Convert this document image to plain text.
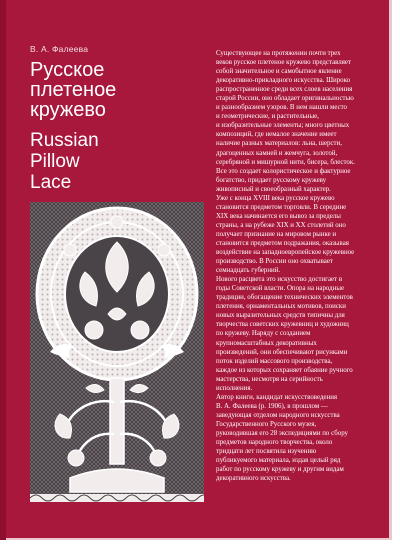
В. А. Фалеева
Русское
плетеное
кружево
Russian
Pillow
Lace

Существующее на протяжении почти трех

веков русское плетеное кружево представляет

собой значительное и самобытное явление

декоративно-прикладного искусства. Широко

распространенное среди всех слоев населения

старой России, оно обладает оригинальностью

и разнообразием узоров. В нем нашли место

и геометрические, и растительные,

и изобразительные элементы; много цветных

композиций, где немалое значение имеет

наличие разных материалов: льна, шерсти,

драгоценных камней и жемчуга, золотой,

серебряной и мишурной нити, бисера, блесток.

Все это создает колористическое и фактурное

богатство, придает русскому кружеву

живописный и своеобразный характер.

Уже с конца XVIII века русское кружево

становится предметом торговли. В середине

XIX века начинается его вывоз за пределы

страны, а на рубеже XIX и XX столетий оно

получает признание на мировом рынке и

становится предметом подражания, оказывая

воздействие на западноевропейское кружевное

производство. В России оно охватывает

семнадцать губерний.

Нового расцвета это искусство достигает в

годы Советской власти. Опора на народные

традиции, обогащение технических элементов

плетения, орнаментальных мотивов, поиски

новых выразительных средств типичны для

творчества советских кружевниц и художниц

по кружеву. Наряду с созданием

крупномасштабных декоративных

произведений, они обеспечивают рисунками

поток изделий массового производства,

каждое из которых сохраняет обаяние ручного

мастерства, несмотря на серийность

исполнения.

Автор книги, кандидат искусствоведения

В. А. Фалеева (р. 1906), в прошлом —

заведующая отделом народного искусства

Государственного Русского музея,

руководившая его 28 экспедициями по сбору

предметов народного творчества, около

тридцати лет посвятила изучению

публикуемого материала, издав целый ряд

работ по русскому кружеву и другим видам

декоративного искусства.
